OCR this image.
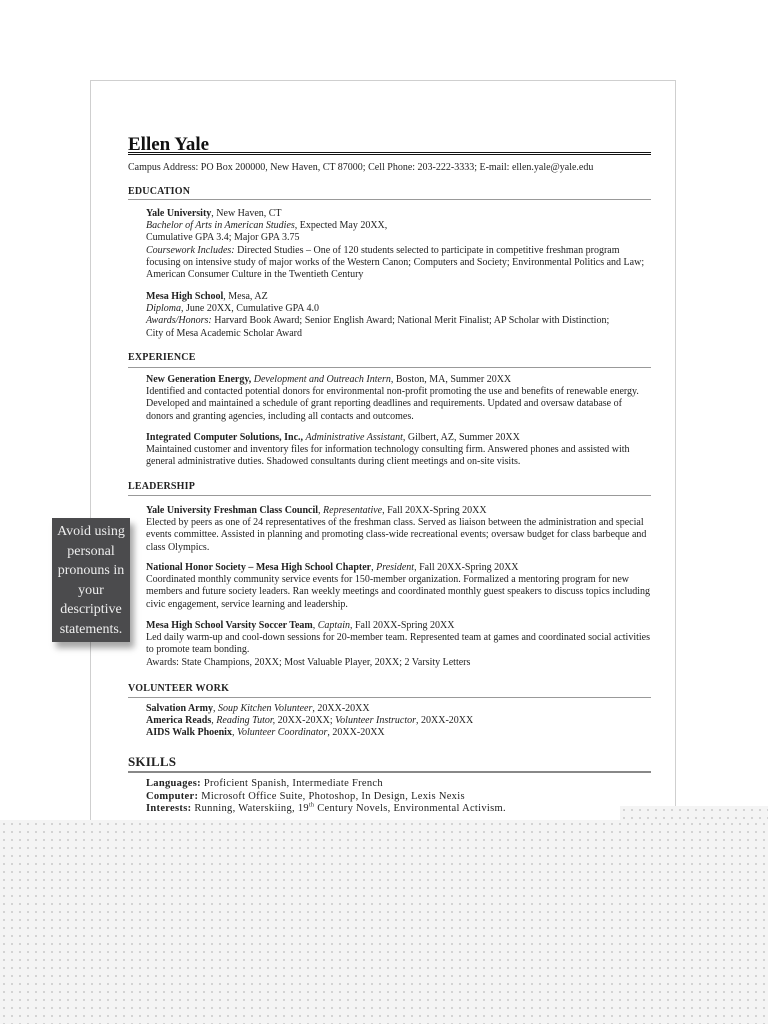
Ellen Yale
Campus Address: PO Box 200000, New Haven, CT 87000; Cell Phone: 203-222-3333; E-mail: ellen.yale@yale.edu
EDUCATION

Yale University, New Haven, CT

Bachelor of Arts in American Studies, Expected May 20XX,

Cumulative GPA 3.4; Major GPA 3.75

Coursework Includes: Directed Studies – One of 120 students selected to participate in competitive freshman program focusing on intensive study of major works of the Western Canon; Computers and Society; Environmental Politics and Law; American Consumer Culture in the Twentieth Century

Mesa High School, Mesa, AZ

Diploma, June 20XX, Cumulative GPA 4.0

Awards/Honors: Harvard Book Award; Senior English Award; National Merit Finalist; AP Scholar with Distinction; City of Mesa Academic Scholar Award

EXPERIENCE

New Generation Energy, Development and Outreach Intern, Boston, MA, Summer 20XX

Identified and contacted potential donors for environmental non-profit promoting the use and benefits of renewable energy. Developed and maintained a schedule of grant reporting deadlines and requirements. Updated and oversaw database of donors and granting agencies, including all contacts and outcomes.

Integrated Computer Solutions, Inc., Administrative Assistant, Gilbert, AZ, Summer 20XX

Maintained customer and inventory files for information technology consulting firm. Answered phones and assisted with general administrative duties. Shadowed consultants during client meetings and on-site visits.

LEADERSHIP

Yale University Freshman Class Council, Representative, Fall 20XX-Spring 20XX

Elected by peers as one of 24 representatives of the freshman class. Served as liaison between the administration and special events committee. Assisted in planning and promoting class-wide recreational events; oversaw budget for class barbeque and class Olympics.

National Honor Society – Mesa High School Chapter, President, Fall 20XX-Spring 20XX

Coordinated monthly community service events for 150-member organization. Formalized a mentoring program for new members and future society leaders. Ran weekly meetings and coordinated monthly guest speakers to discuss topics including civic engagement, service learning and leadership.

Mesa High School Varsity Soccer Team, Captain, Fall 20XX-Spring 20XX

Led daily warm-up and cool-down sessions for 20-member team. Represented team at games and coordinated social activities to promote team bonding.

Awards: State Champions, 20XX; Most Valuable Player, 20XX; 2 Varsity Letters

VOLUNTEER WORK

Salvation Army, Soup Kitchen Volunteer, 20XX-20XX

America Reads, Reading Tutor, 20XX-20XX; Volunteer Instructor, 20XX-20XX

AIDS Walk Phoenix, Volunteer Coordinator, 20XX-20XX

SKILLS
Languages: Proficient Spanish, Intermediate French
Computer: Microsoft Office Suite, Photoshop, In Design, Lexis Nexis
Interests: Running, Waterskiing, 19th Century Novels, Environmental Activism.
Avoid using personal pronouns in your descriptive statements.
